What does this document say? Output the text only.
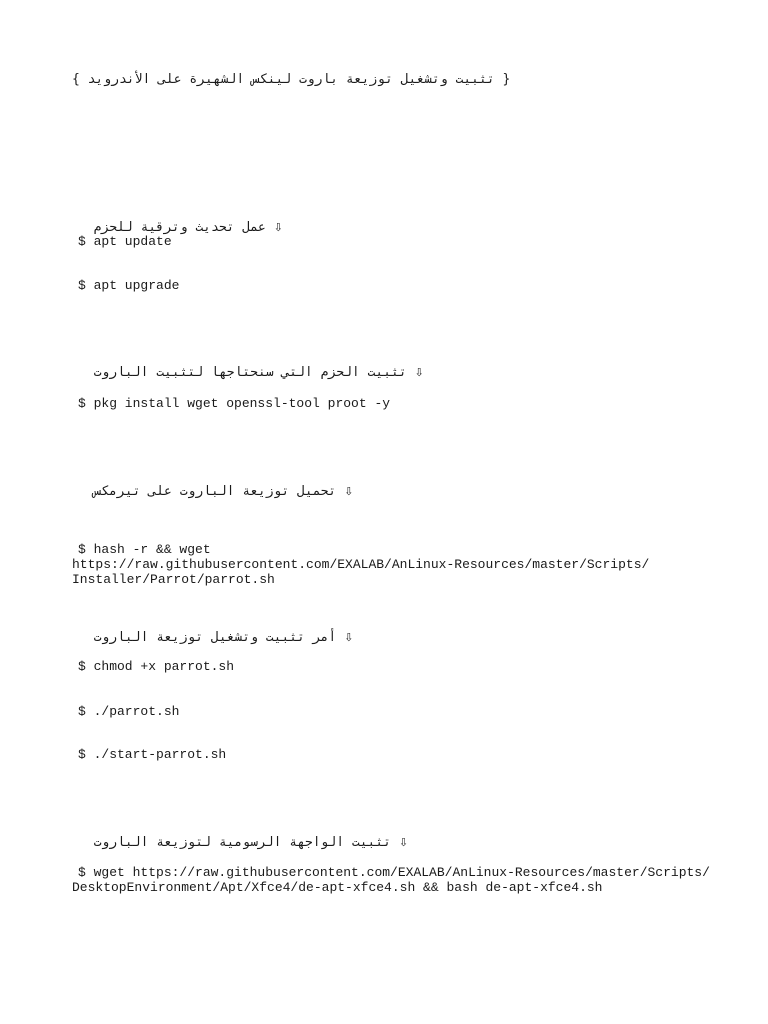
{ تثبيت وتشغيل توزيعة باروت لينكس الشهيرة على الأندرويد }

عمل تحديث وترقية للحزم ⇩

$ apt update
$ apt upgrade

تثبيت الحزم التي سنحتاجها لتثبيت الباروت ⇩

$ pkg install wget openssl-tool proot -y

تحميل توزيعة الباروت على تيرمكس ⇩

$ hash -r && wget
https://raw.githubusercontent.com/EXALAB/AnLinux-Resources/master/Scripts/
Installer/Parrot/parrot.sh

أمر تثبيت وتشغيل توزيعة الباروت ⇩

$ chmod +x parrot.sh
$ ./parrot.sh
$ ./start-parrot.sh

تثبيت الواجهة الرسومية لتوزيعة الباروت ⇩

$ wget https://raw.githubusercontent.com/EXALAB/AnLinux-Resources/master/Scripts/
DesktopEnvironment/Apt/Xfce4/de-apt-xfce4.sh && bash de-apt-xfce4.sh
